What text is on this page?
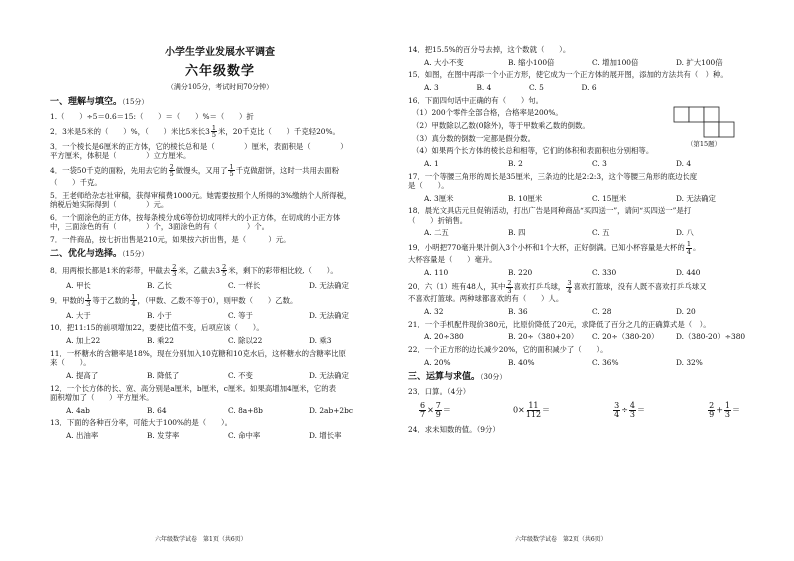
小学生学业发展水平调查
六年级数学
（满分105分，考试时间70分钟）
一、理解与填空。（15分）
1.（　　）÷5＝0.6＝15:（　　）＝（　　）%＝（　　）折
2．3米是5米的（　　）%，（　　）米比5米长$3 \frac{1}{5}$ 米，20千克比（　　）千克轻20%。
3．一个棱长是6厘米的正方体，它的棱长总和是（　　　　）厘米，表面积是（　　　　）
平方厘米，体积是（　　　　）立方厘米。
4．一袋50千克的面粉，先用去它的 $\frac{2}{5}$ 做馒头，又用了 $\frac{1}{5}$ 千克做甜饼，这时一共用去面粉
（　　）千克。
5．王老师给杂志社审稿，获得审稿费1000元。她需要按照个人所得的3%缴纳个人所得税，
纳税后她实际得到（　　　　）元。
6．一个面涂色的正方体，按每条棱分成6等份切成同样大的小正方体，在切成的小正方体
中，三面涂色的有（　　　　）个，3面涂色的有（　　　　）个。
7．一件商品，按七折出售是210元，如果按六折出售，是（　　　）元。
二、优化与选择。（15分）
8．用两根长都是1米的彩带，甲截去 $\frac{2}{3}$ 米，乙截去$3 \frac{2}{5}$ 米，剩下的彩带相比较,（　　）。
A. 甲长	B. 乙长	C. 一样长	D. 无法确定
9．甲数的 $\frac{1}{3}$ 等于乙数的 $\frac{1}{4}$ ，（甲数、乙数不等于0），则甲数（　　）乙数。
A. 大于	B. 小于	C. 等于	D. 无法确定
10．把11:15的前项增加22，要使比值不变，后项应该（　　）。
A. 加上22	B. 乘22	C. 除以22	D. 乘3
11．一杯糖水的含糖率是18%，现在分别加入10克糖和10克水后，这杯糖水的含糖率比原
来（　　）。
A. 提高了	B. 降低了	C. 不变	D. 无法确定
12．一个长方体的长、宽、高分别是a厘米，b厘米，c厘米。如果高增加4厘米，它的表
面积增加了（　　）平方厘米。
A. 4ab	B. 64	C. 8a+8b	D. 2ab+2bc
13．下面的各种百分率，可能大于100%的是（　　）。
A. 出油率	B. 发芽率	C. 命中率	D. 增长率
六年级数学试卷　第1页（共6页）
14．把15.5%的百分号去掉，这个数就（　　）。
A. 大小不变	B. 缩小100倍	C. 增加100倍	D. 扩大100倍
15．如图，在图中再添一个小正方形，使它成为一个正方体的展开图，添加的方法共有（　）种。
A. 3	B. 4	C. 5	D. 6
16．下面四句话中正确的有（　　）句。
（1）200个零件全部合格，合格率是200%。
（2）甲数除以乙数(0除外)，等于甲数乘乙数的倒数。
（3）真分数的倒数一定都是假分数。
（4）如果两个长方体的棱长总和相等，它们的体积和表面积也分别相等。
A. 1	B. 2	C. 3	D. 4
17．一个等腰三角形的周长是35厘米，三条边的比是2:2:3，这个等腰三角形的底边长度
是（　　）。
A. 3厘米	B. 10厘米	C. 15厘米	D. 无法确定
18．晨光文具店元旦促销活动，打出广告是同种商品“买四送一”，请问“买四送一”是打
（　　）折销售。
A. 二五	B. 四	C. 五	D. 八
19．小明把770毫升果汁倒入3个小杯和1个大杯，正好倒满。已知小杯容量是大杯的 $\frac{1}{4}$ 。
大杯容量是（　　）毫升。
A. 110	B. 220	C. 330	D. 440
20．六（1）班有48人，其中 $\frac{2}{3}$ 喜欢打乒乓球， $\frac{3}{4}$ 喜欢打篮球，没有人既不喜欢打乒乓球又
不喜欢打篮球。两种球都喜欢的有（　　）人。
A. 32	B. 36	C. 28	D. 20
21．一个手机配件现价380元，比原价降低了20元，求降低了百分之几的正确算式是（　）。
A. 20÷380	B. 20÷（380+20）	C. 20÷（380-20）	D.（380-20）÷380
22．一个正方形的边长减少20%，它的面积减少了（　　）。
A. 20%	B. 40%	C. 36%	D. 32%
三、运算与求值。（30分）
23．口算。（4分）
$\frac{6}{7} \times \frac{7}{9}$ ＝	$0\times \frac{11}{112}$ ＝	$\frac{3}{4} \div \frac{4}{3}$ ＝	$\frac{2}{9} + \frac{1}{3}$ ＝
24．求未知数的值。（9分）
六年级数学试卷　第2页（共6页）
（第15题）
